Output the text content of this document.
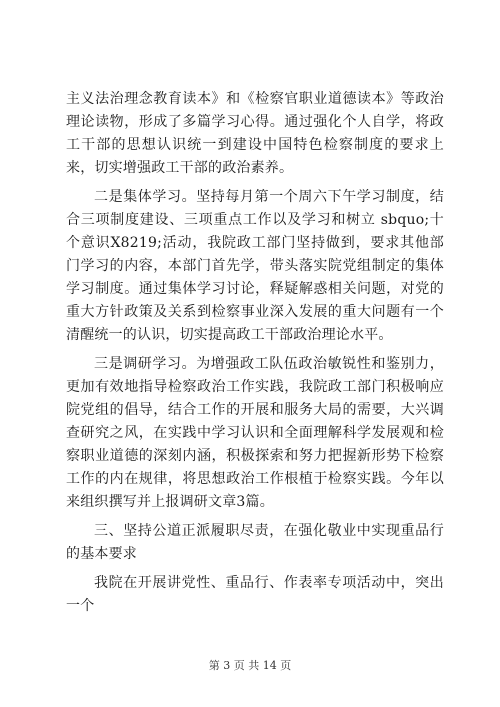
主义法治理念教育读本》和《检察官职业道德读本》等政治理论读物，形成了多篇学习心得。通过强化个人自学，将政工干部的思想认识统一到建设中国特色检察制度的要求上来，切实增强政工干部的政治素养。

二是集体学习。坚持每月第一个周六下午学习制度，结合三项制度建设、三项重点工作以及学习和树立 sbquo;十个意识X8219;活动，我院政工部门坚持做到，要求其他部门学习的内容，本部门首先学，带头落实院党组制定的集体学习制度。通过集体学习讨论，释疑解惑相关问题，对党的重大方针政策及关系到检察事业深入发展的重大问题有一个清醒统一的认识，切实提高政工干部政治理论水平。

三是调研学习。为增强政工队伍政治敏锐性和鉴别力，更加有效地指导检察政治工作实践，我院政工部门积极响应院党组的倡导，结合工作的开展和服务大局的需要，大兴调查研究之风，在实践中学习认识和全面理解科学发展观和检察职业道德的深刻内涵，积极探索和努力把握新形势下检察工作的内在规律，将思想政治工作根植于检察实践。今年以来组织撰写并上报调研文章3篇。

三、坚持公道正派履职尽责，在强化敬业中实现重品行的基本要求

我院在开展讲党性、重品行、作表率专项活动中，突出一个

第 3 页 共 14 页
